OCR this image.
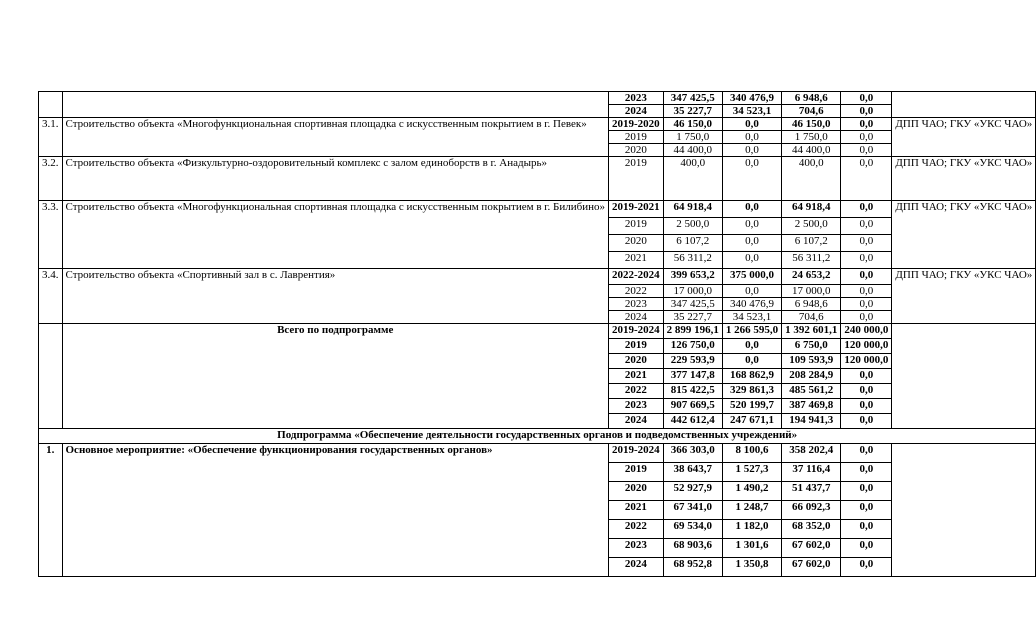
		2023	347 425,5	340 476,9	6 948,6	0,0	
		2024	35 227,7	34 523,1	704,6	0,0	
3.1.	Строительство объекта «Многофункциональная спортивная площадка с искусственным покрытием в г. Певек»	2019-2020	46 150,0	0,0	46 150,0	0,0	ДПП ЧАО; ГКУ «УКС ЧАО»
		2019	1 750,0	0,0	1 750,0	0,0	
		2020	44 400,0	0,0	44 400,0	0,0	
3.2.	Строительство объекта «Физкультурно-оздоровительный комплекс с залом единоборств в г. Анадырь»	2019	400,0	0,0	400,0	0,0	ДПП ЧАО; ГКУ «УКС ЧАО»
3.3.	Строительство объекта «Многофункциональная спортивная площадка с искусственным покрытием в г. Билибино»	2019-2021	64 918,4	0,0	64 918,4	0,0	ДПП ЧАО; ГКУ «УКС ЧАО»
		2019	2 500,0	0,0	2 500,0	0,0	
		2020	6 107,2	0,0	6 107,2	0,0	
		2021	56 311,2	0,0	56 311,2	0,0	
3.4.	Строительство объекта «Спортивный зал в с. Лаврентия»	2022-2024	399 653,2	375 000,0	24 653,2	0,0	ДПП ЧАО; ГКУ «УКС ЧАО»
		2022	17 000,0	0,0	17 000,0	0,0	
		2023	347 425,5	340 476,9	6 948,6	0,0	
		2024	35 227,7	34 523,1	704,6	0,0	
	Всего по подпрограмме	2019-2024	2 899 196,1	1 266 595,0	1 392 601,1	240 000,0	
		2019	126 750,0	0,0	6 750,0	120 000,0	
		2020	229 593,9	0,0	109 593,9	120 000,0	
		2021	377 147,8	168 862,9	208 284,9	0,0	
		2022	815 422,5	329 861,3	485 561,2	0,0	
		2023	907 669,5	520 199,7	387 469,8	0,0	
		2024	442 612,4	247 671,1	194 941,3	0,0	
Подпрограмма «Обеспечение деятельности государственных органов и подведомственных учреждений»							
1.	Основное мероприятие: «Обеспечение функционирования государственных органов»	2019-2024	366 303,0	8 100,6	358 202,4	0,0	
		2019	38 643,7	1 527,3	37 116,4	0,0	
		2020	52 927,9	1 490,2	51 437,7	0,0	
		2021	67 341,0	1 248,7	66 092,3	0,0	
		2022	69 534,0	1 182,0	68 352,0	0,0	
		2023	68 903,6	1 301,6	67 602,0	0,0	
		2024	68 952,8	1 350,8	67 602,0	0,0	
